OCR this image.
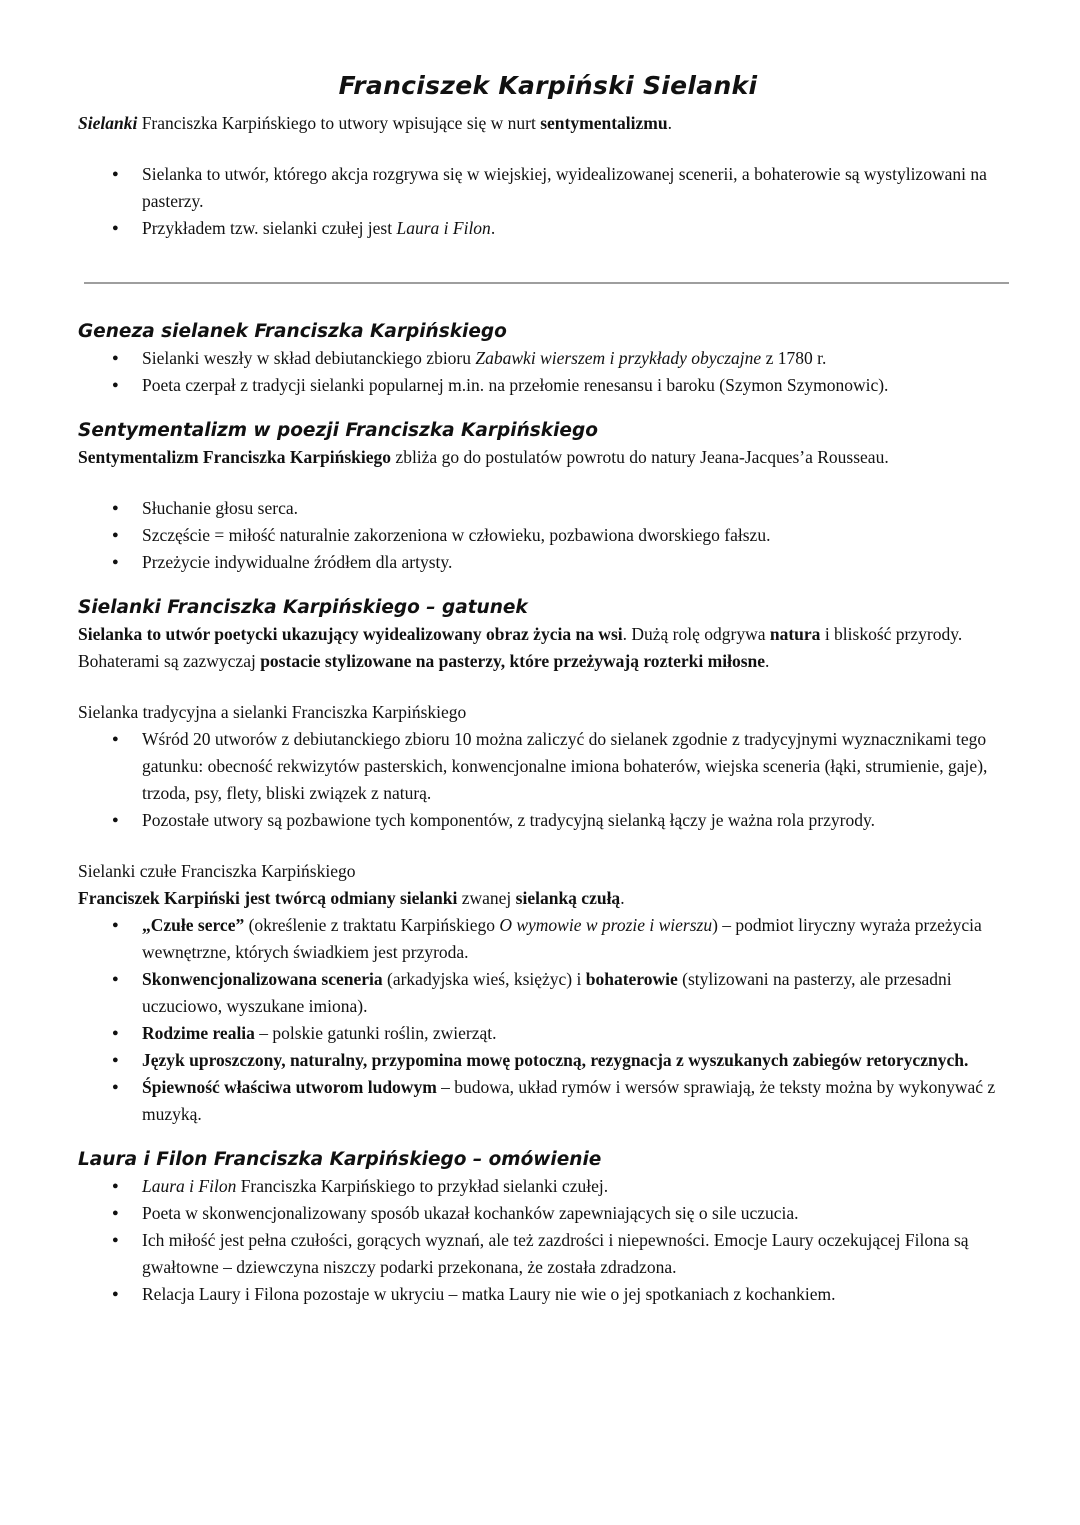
Franciszek Karpiński Sielanki

Sielanki Franciszka Karpińskiego to utwory wpisujące się w nurt sentymentalizmu.

● Sielanka to utwór, którego akcja rozgrywa się w wiejskiej, wyidealizowanej scenerii, a bohaterowie są wystylizowani na pasterzy.
● Przykładem tzw. sielanki czułej jest Laura i Filon.
Geneza sielanek Franciszka Karpińskiego
● Sielanki weszły w skład debiutanckiego zbioru Zabawki wierszem i przykłady obyczajne z 1780 r.
● Poeta czerpał z tradycji sielanki popularnej m.in. na przełomie renesansu i baroku (Szymon Szymonowic).
Sentymentalizm w poezji Franciszka Karpińskiego

Sentymentalizm Franciszka Karpińskiego zbliża go do postulatów powrotu do natury Jeana-Jacques’a Rousseau.

● Słuchanie głosu serca.
● Szczęście = miłość naturalnie zakorzeniona w człowieku, pozbawiona dworskiego fałszu.
● Przeżycie indywidualne źródłem dla artysty.
Sielanki Franciszka Karpińskiego – gatunek

Sielanka to utwór poetycki ukazujący wyidealizowany obraz życia na wsi. Dużą rolę odgrywa natura i bliskość przyrody. Bohaterami są zazwyczaj postacie stylizowane na pasterzy, które przeżywają rozterki miłosne.

Sielanka tradycyjna a sielanki Franciszka Karpińskiego

● Wśród 20 utworów z debiutanckiego zbioru 10 można zaliczyć do sielanek zgodnie z tradycyjnymi wyznacznikami tego gatunku: obecność rekwizytów pasterskich, konwencjonalne imiona bohaterów, wiejska sceneria (łąki, strumienie, gaje), trzoda, psy, flety, bliski związek z naturą.
● Pozostałe utwory są pozbawione tych komponentów, z tradycyjną sielanką łączy je ważna rola przyrody.

Sielanki czułe Franciszka Karpińskiego

Franciszek Karpiński jest twórcą odmiany sielanki zwanej sielanką czułą.

● „Czułe serce” (określenie z traktatu Karpińskiego O wymowie w prozie i wierszu) – podmiot liryczny wyraża przeżycia wewnętrzne, których świadkiem jest przyroda.
● Skonwencjonalizowana sceneria (arkadyjska wieś, księżyc) i bohaterowie (stylizowani na pasterzy, ale przesadni uczuciowo, wyszukane imiona).
● Rodzime realia – polskie gatunki roślin, zwierząt.
● Język uproszczony, naturalny, przypomina mowę potoczną, rezygnacja z wyszukanych zabiegów retorycznych.
● Śpiewność właściwa utworom ludowym – budowa, układ rymów i wersów sprawiają, że teksty można by wykonywać z muzyką.
Laura i Filon Franciszka Karpińskiego – omówienie
● Laura i Filon Franciszka Karpińskiego to przykład sielanki czułej.
● Poeta w skonwencjonalizowany sposób ukazał kochanków zapewniających się o sile uczucia.
● Ich miłość jest pełna czułości, gorących wyznań, ale też zazdrości i niepewności. Emocje Laury oczekującej Filona są gwałtowne – dziewczyna niszczy podarki przekonana, że została zdradzona.
● Relacja Laury i Filona pozostaje w ukryciu – matka Laury nie wie o jej spotkaniach z kochankiem.
